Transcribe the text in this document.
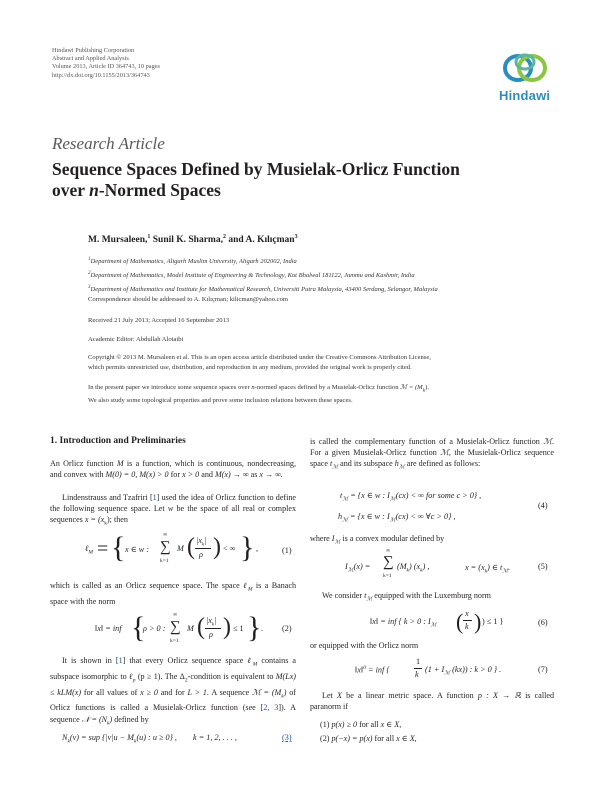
Hindawi Publishing Corporation
Abstract and Applied Analysis
Volume 2013, Article ID 364743, 10 pages
http://dx.doi.org/10.1155/2013/364743
Hindawi
Research Article
Sequence Spaces Defined by Musielak-Orlicz Function
over n-Normed Spaces
M. Mursaleen,$^1$ Sunil K. Sharma,$^2$ and A. Kılıçman$^3$
$^1$Department of Mathematics, Aligarh Muslim University, Aligarh 202002, India
$^2$Department of Mathematics, Model Institute of Engineering & Technology, Kot Bhalwal 181122, Jammu and Kashmir, India
$^3$Department of Mathematics and Institute for Mathematical Research, Universiti Putra Malaysia, 43400 Serdang, Selangor, Malaysia
Correspondence should be addressed to A. Kılıçman; kilicman@yahoo.com
Received 21 July 2013; Accepted 16 September 2013
Academic Editor: Abdullah Alotaibi
Copyright © 2013 M. Mursaleen et al. This is an open access article distributed under the Creative Commons Attribution License,
which permits unrestricted use, distribution, and reproduction in any medium, provided the original work is properly cited.
In the present paper we introduce some sequence spaces over n-normed spaces defined by a Musielak-Orlicz function ℳ = $(M_k)$.
We also study some topological properties and prove some inclusion relations between these spaces.
1. Introduction and Preliminaries
An Orlicz function M is a function, which is continuous, nondecreasing, and convex with M(0) = 0, M(x) > 0 for x > 0 and M(x) → ∞ as x → ∞.
Lindenstrauss and Tzafriri [1] used the idea of Orlicz function to define the following sequence space. Let w be the space of all real or complex sequences $x = (x_k)$; then
ℓ$_M$ = { x ∈ w :
∞
∑
k=1
M ( $|x_k|$
ρ ) < ∞ } ,	(1)
which is called as an Orlicz sequence space. The space ℓ$_M$ is a Banach space with the norm
‖x‖ = inf {
ρ > 0 :
∞
∑
k=1
M ( $|x_k|$
ρ ) ≤ 1 } . (2)
It is shown in [1] that every Orlicz sequence space ℓ$_M$ contains a subspace isomorphic to ℓ$_p$ (p ≥ 1). The $\Delta_2$-condition is equivalent to M(Lx) ≤ kLM(x) for all values of x ≥ 0 and for L > 1. A sequence ℳ = $(M_k)$ of Orlicz functions is called a Musielak-Orlicz function (see [2, 3]). A sequence 𝒩 = $(N_k)$ defined by
$N_k(v)$ = sup {$|v|u - M_k(u)$ : u ≥ 0} , k = 1, 2, . . . ,	(3)
is called the complementary function of a Musielak-Orlicz function ℳ. For a given Musielak-Orlicz function ℳ, the Musielak-Orlicz sequence space $t_ℳ$ and its subspace $h_ℳ$ are defined as follows:
$t_ℳ = \{x$ ∈ w : $I_ℳ(cx)$ < ∞ for some c > 0} ,
$h_ℳ = \{x$ ∈ w : $I_ℳ(cx)$ < ∞ ∀c > 0} ,
(4)
where $I_ℳ$ is a convex modular defined by
$I_ℳ(x)$ =
∞
∑
k=1
$(M_k)$ $(x_k)$ ,	$x = (x_k)$ ∈ $t_ℳ$.	(5)
We consider $t_ℳ$ equipped with the Luxemburg norm
‖x‖ = inf { k > 0 : $I_ℳ$ ( x
k ) ) ≤ 1 }	(6)
or equipped with the Orlicz norm
‖x‖$^0$ = inf {
1
k
($1 + I_ℳ$ (kx)) : k > 0 } .	(7)
Let X be a linear metric space. A function p : X → ℝ is called paranorm if
(1) p(x) ≥ 0 for all x ∈ X,
(2) p(−x) = p(x) for all x ∈ X,
